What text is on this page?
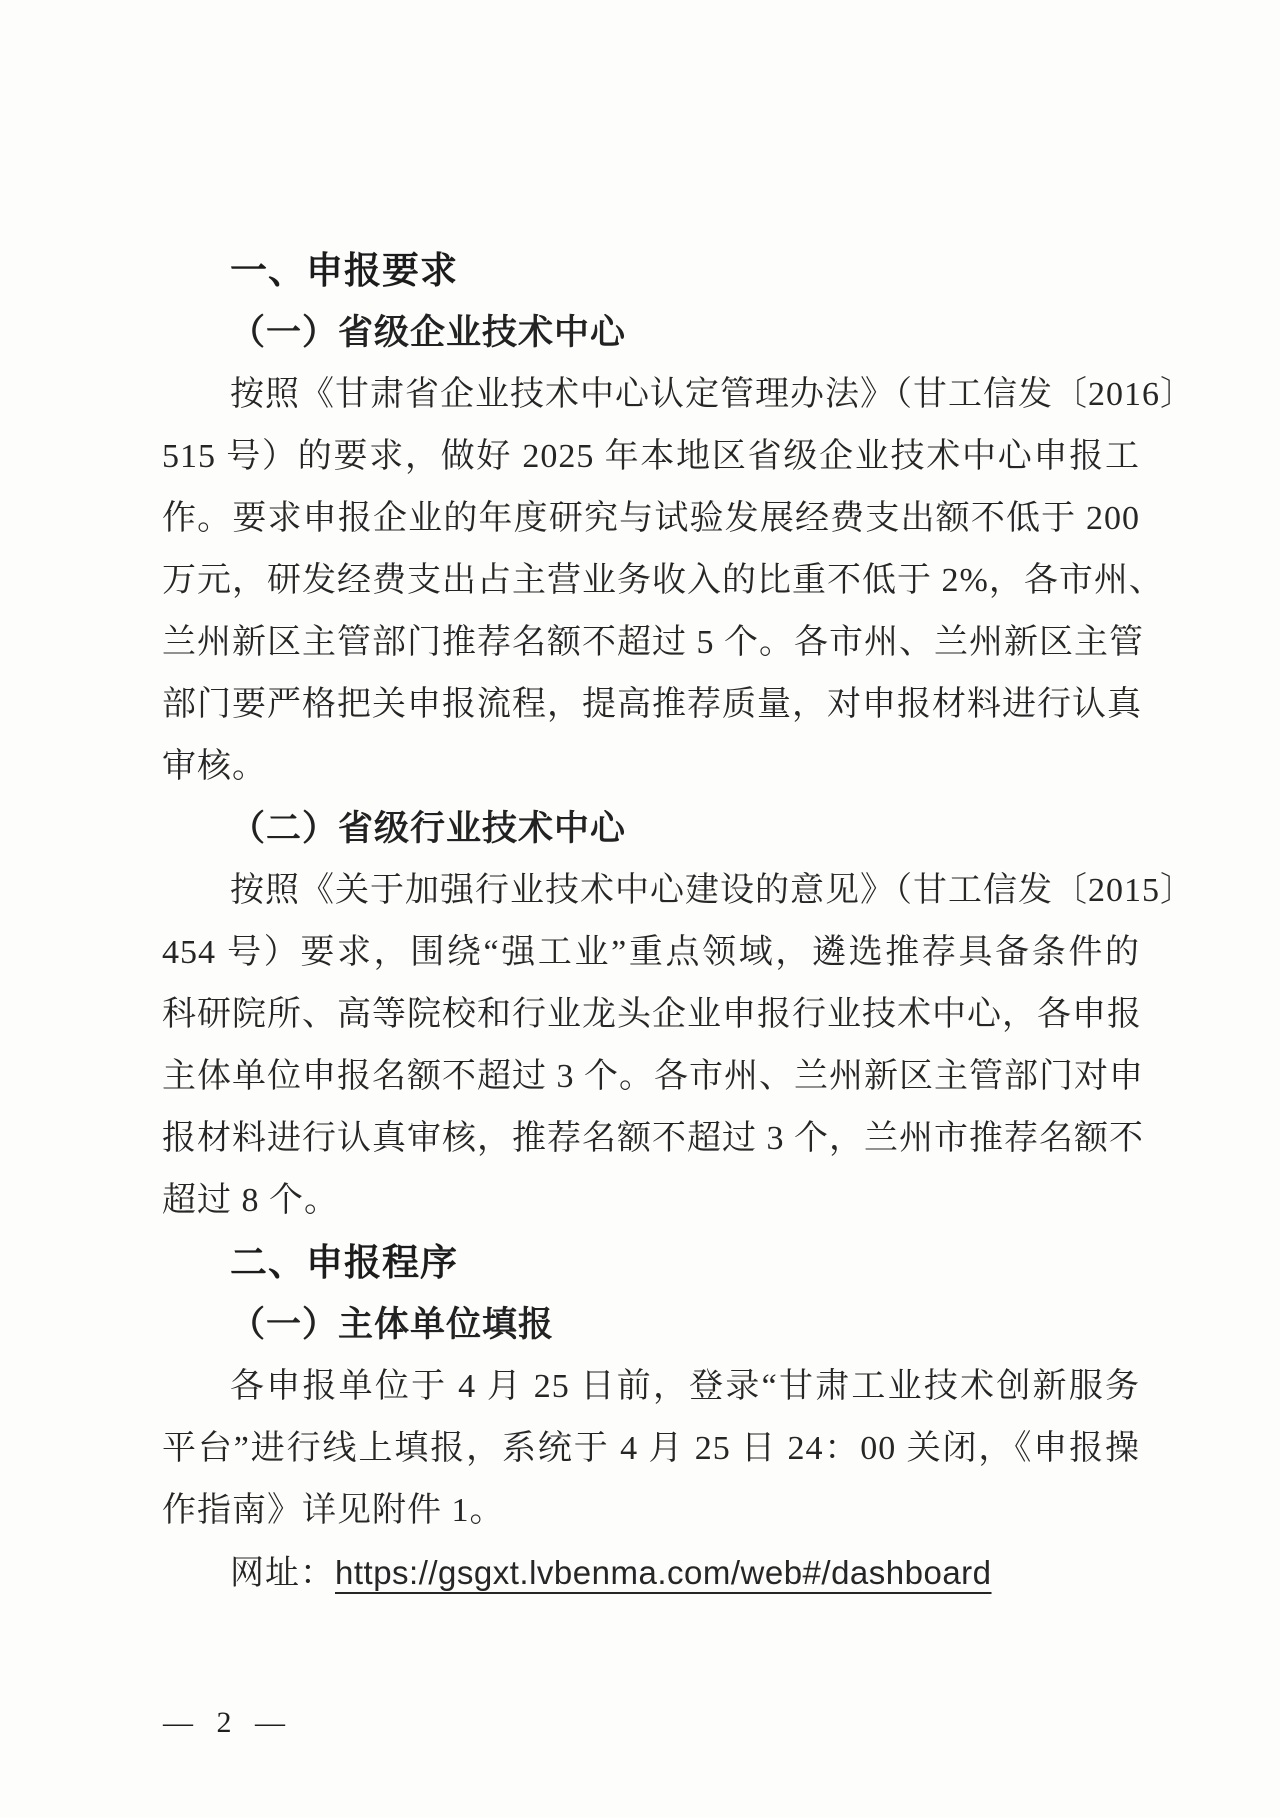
一、申报要求
（一）省级企业技术中心
按照《甘肃省企业技术中心认定管理办法》（甘工信发〔2016〕
515 号）的要求，做好 2025 年本地区省级企业技术中心申报工
作。要求申报企业的年度研究与试验发展经费支出额不低于 200
万元，研发经费支出占主营业务收入的比重不低于 2%，各市州、
兰州新区主管部门推荐名额不超过 5 个。各市州、兰州新区主管
部门要严格把关申报流程，提高推荐质量，对申报材料进行认真
审核。
（二）省级行业技术中心
按照《关于加强行业技术中心建设的意见》（甘工信发〔2015〕
454 号）要求，围绕“强工业”重点领域，遴选推荐具备条件的
科研院所、高等院校和行业龙头企业申报行业技术中心，各申报
主体单位申报名额不超过 3 个。各市州、兰州新区主管部门对申
报材料进行认真审核，推荐名额不超过 3 个，兰州市推荐名额不
超过 8 个。
二、申报程序
（一）主体单位填报
各申报单位于 4 月 25 日前，登录“甘肃工业技术创新服务
平台”进行线上填报，系统于 4 月 25 日 24：00 关闭，《申报操
作指南》详见附件 1。
网址：https://gsgxt.lvbenma.com/web#/dashboard
— 2 —
